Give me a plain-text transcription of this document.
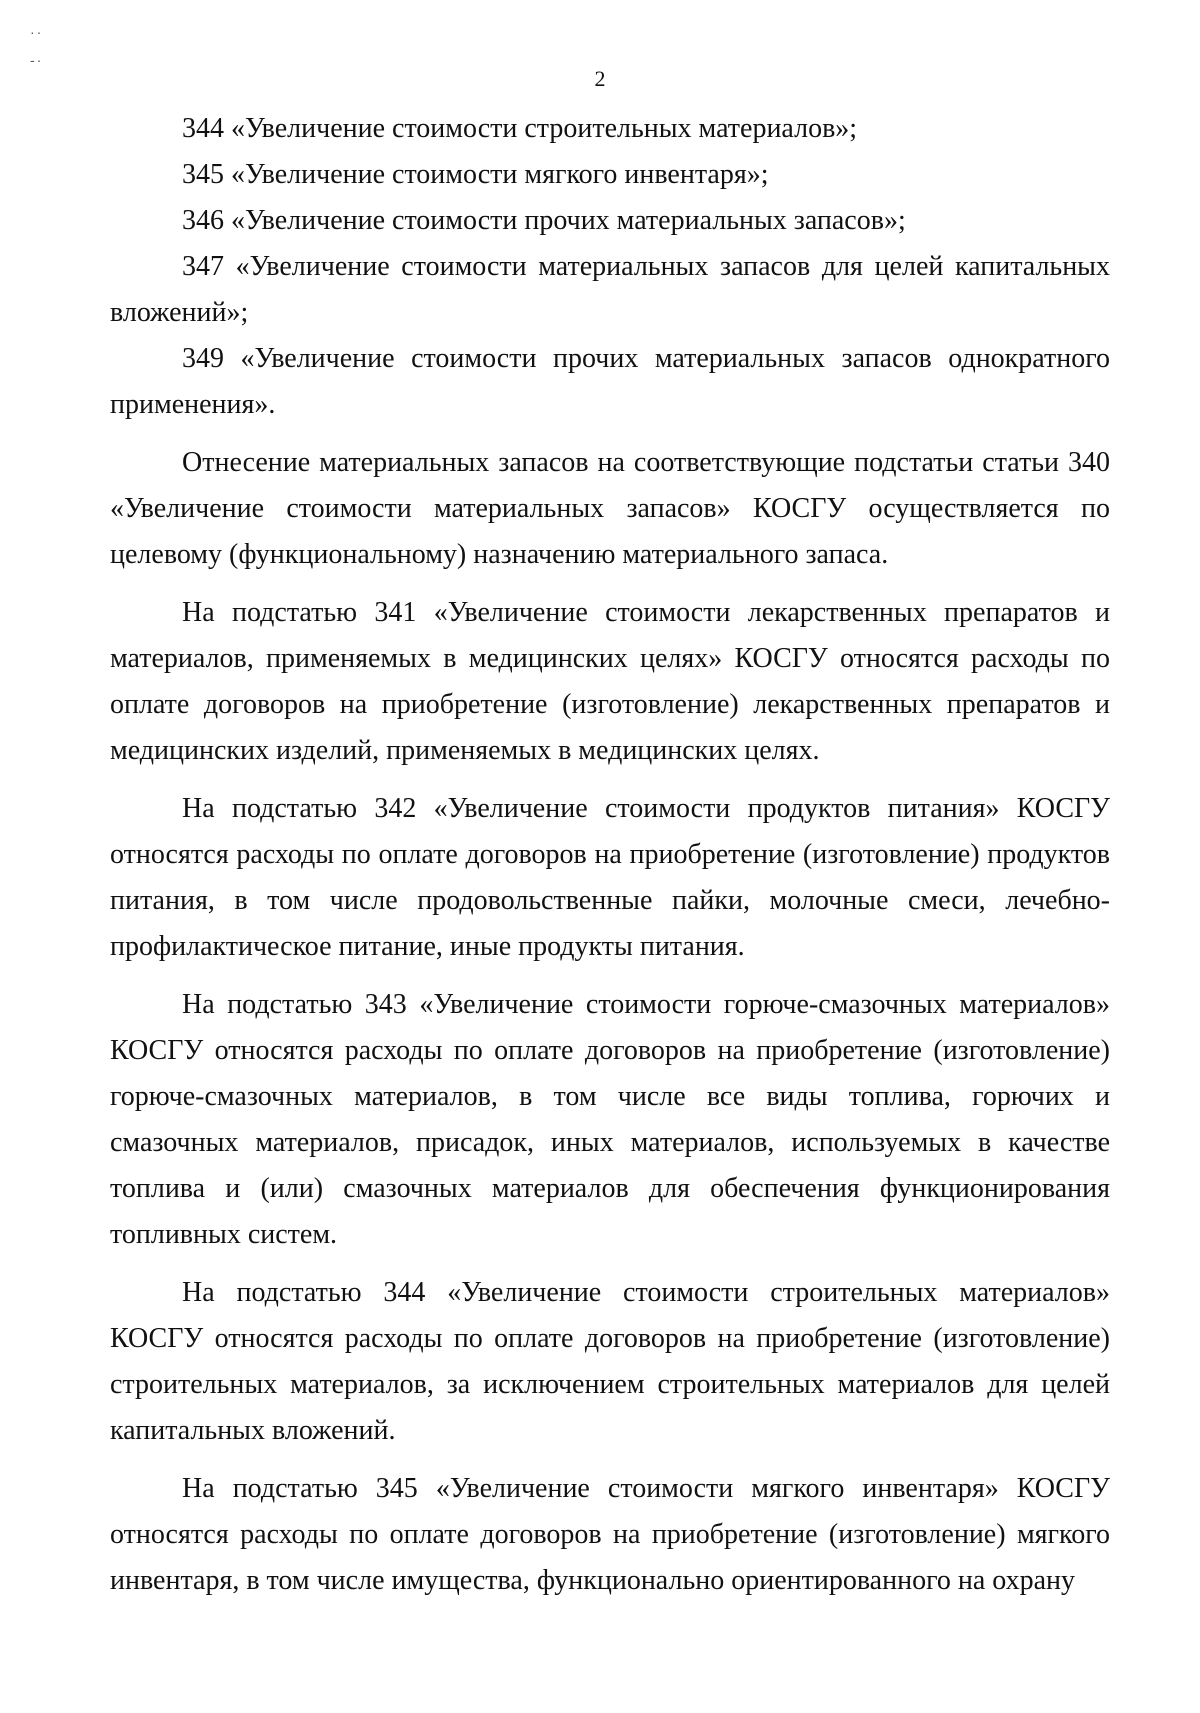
··
-·
2

344 «Увеличение стоимости строительных материалов»;

345 «Увеличение стоимости мягкого инвентаря»;

346 «Увеличение стоимости прочих материальных запасов»;

347 «Увеличение стоимости материальных запасов для целей капитальных вложений»;

349 «Увеличение стоимости прочих материальных запасов однократного применения».

Отнесение материальных запасов на соответствующие подстатьи статьи 340 «Увеличение стоимости материальных запасов» КОСГУ осуществляется по целевому (функциональному) назначению материального запаса.

На подстатью 341 «Увеличение стоимости лекарственных препаратов и материалов, применяемых в медицинских целях» КОСГУ относятся расходы по оплате договоров на приобретение (изготовление) лекарственных препаратов и медицинских изделий, применяемых в медицинских целях.

На подстатью 342 «Увеличение стоимости продуктов питания» КОСГУ относятся расходы по оплате договоров на приобретение (изготовление) продуктов питания, в том числе продовольственные пайки, молочные смеси, лечебно-профилактическое питание, иные продукты питания.

На подстатью 343 «Увеличение стоимости горюче-смазочных материалов» КОСГУ относятся расходы по оплате договоров на приобретение (изготовление) горюче-смазочных материалов, в том числе все виды топлива, горючих и смазочных материалов, присадок, иных материалов, используемых в качестве топлива и (или) смазочных материалов для обеспечения функционирования топливных систем.

На подстатью 344 «Увеличение стоимости строительных материалов» КОСГУ относятся расходы по оплате договоров на приобретение (изготовление) строительных материалов, за исключением строительных материалов для целей капитальных вложений.

На подстатью 345 «Увеличение стоимости мягкого инвентаря» КОСГУ относятся расходы по оплате договоров на приобретение (изготовление) мягкого инвентаря, в том числе имущества, функционально ориентированного на охрану
